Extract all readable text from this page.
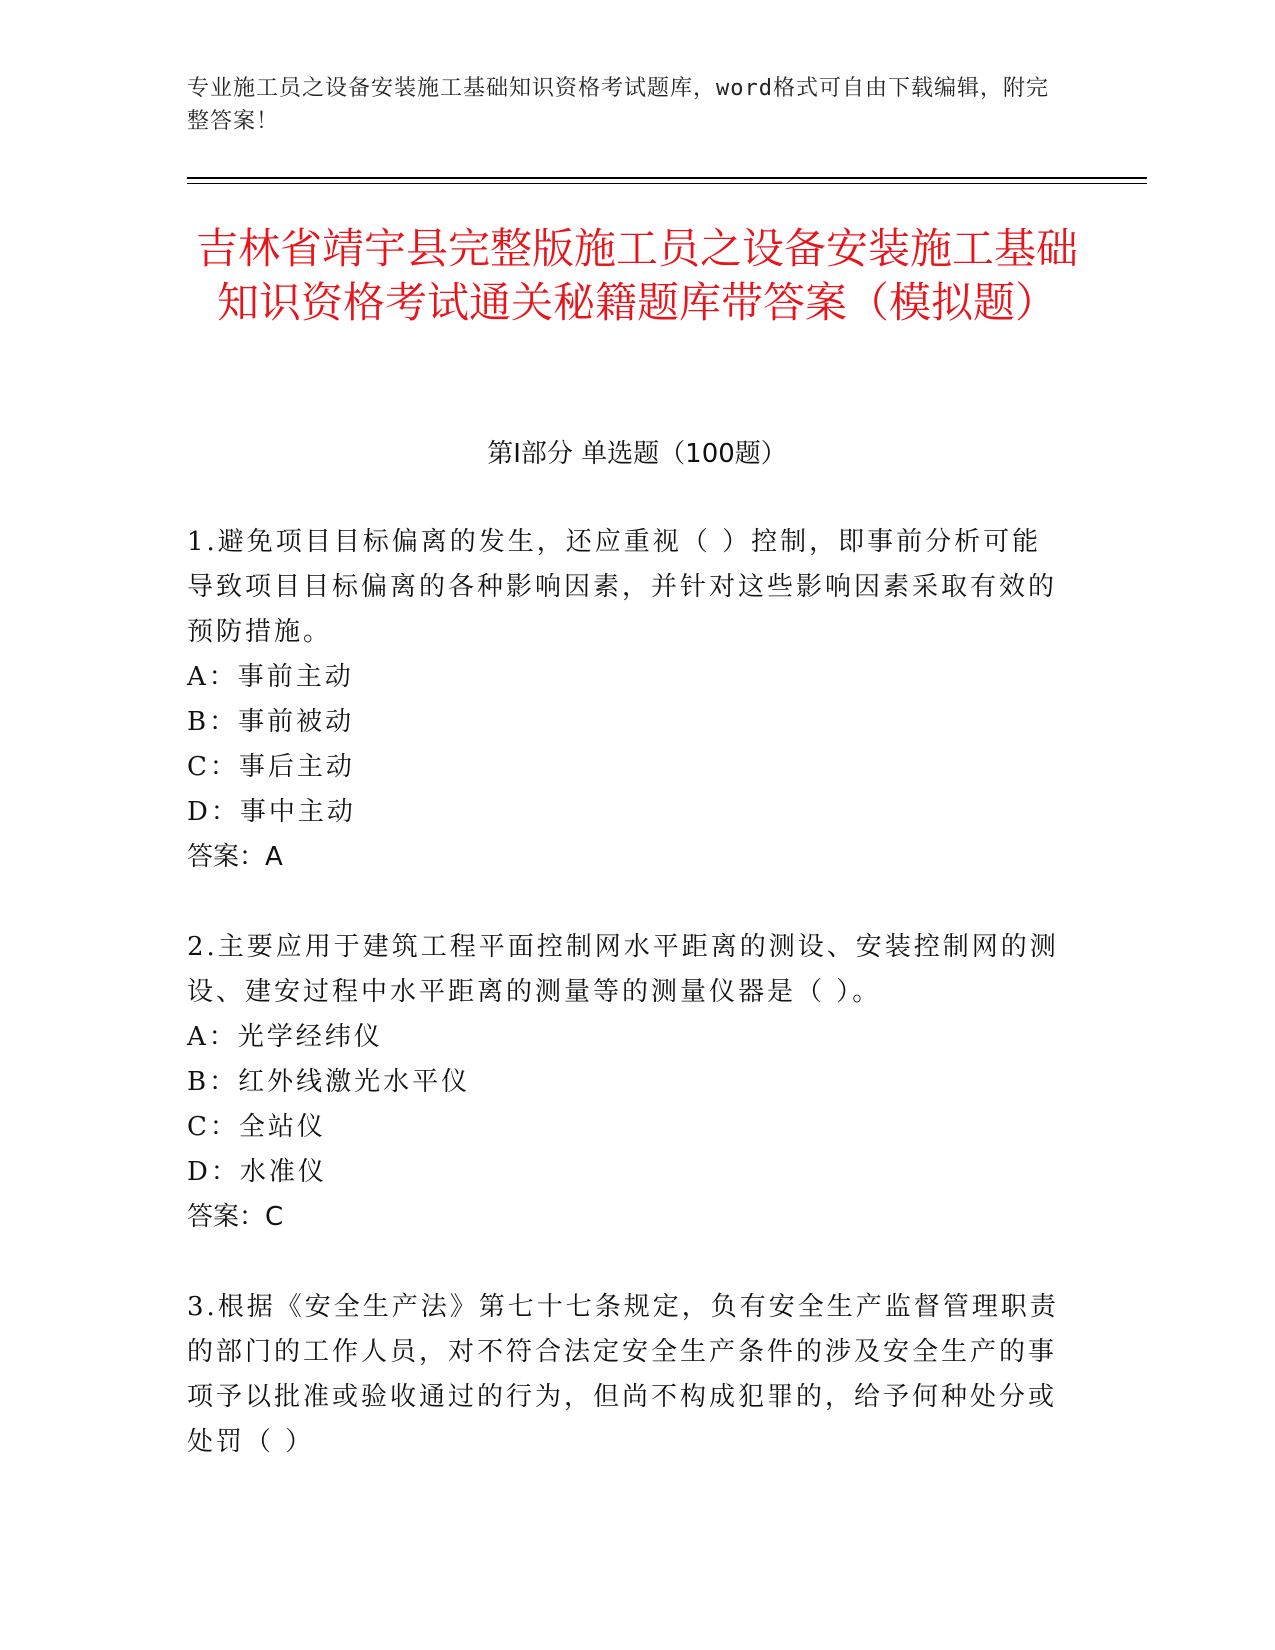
专业施工员之设备安装施工基础知识资格考试题库，word格式可自由下载编辑，附完整答案！
吉林省靖宇县完整版施工员之设备安装施工基础知识资格考试通关秘籍题库带答案（模拟题）
第Ⅰ部分 单选题（100题）

1.避免项目目标偏离的发生，还应重视（ ）控制，即事前分析可能导致项目目标偏离的各种影响因素，并针对这些影响因素采取有效的预防措施。

A：事前主动

B：事前被动

C：事后主动

D：事中主动

答案：A

2.主要应用于建筑工程平面控制网水平距离的测设、安装控制网的测设、建安过程中水平距离的测量等的测量仪器是（ ）。

A：光学经纬仪

B：红外线激光水平仪

C：全站仪

D：水准仪

答案：C

3.根据《安全生产法》第七十七条规定，负有安全生产监督管理职责的部门的工作人员，对不符合法定安全生产条件的涉及安全生产的事项予以批准或验收通过的行为，但尚不构成犯罪的，给予何种处分或处罚（ ）
